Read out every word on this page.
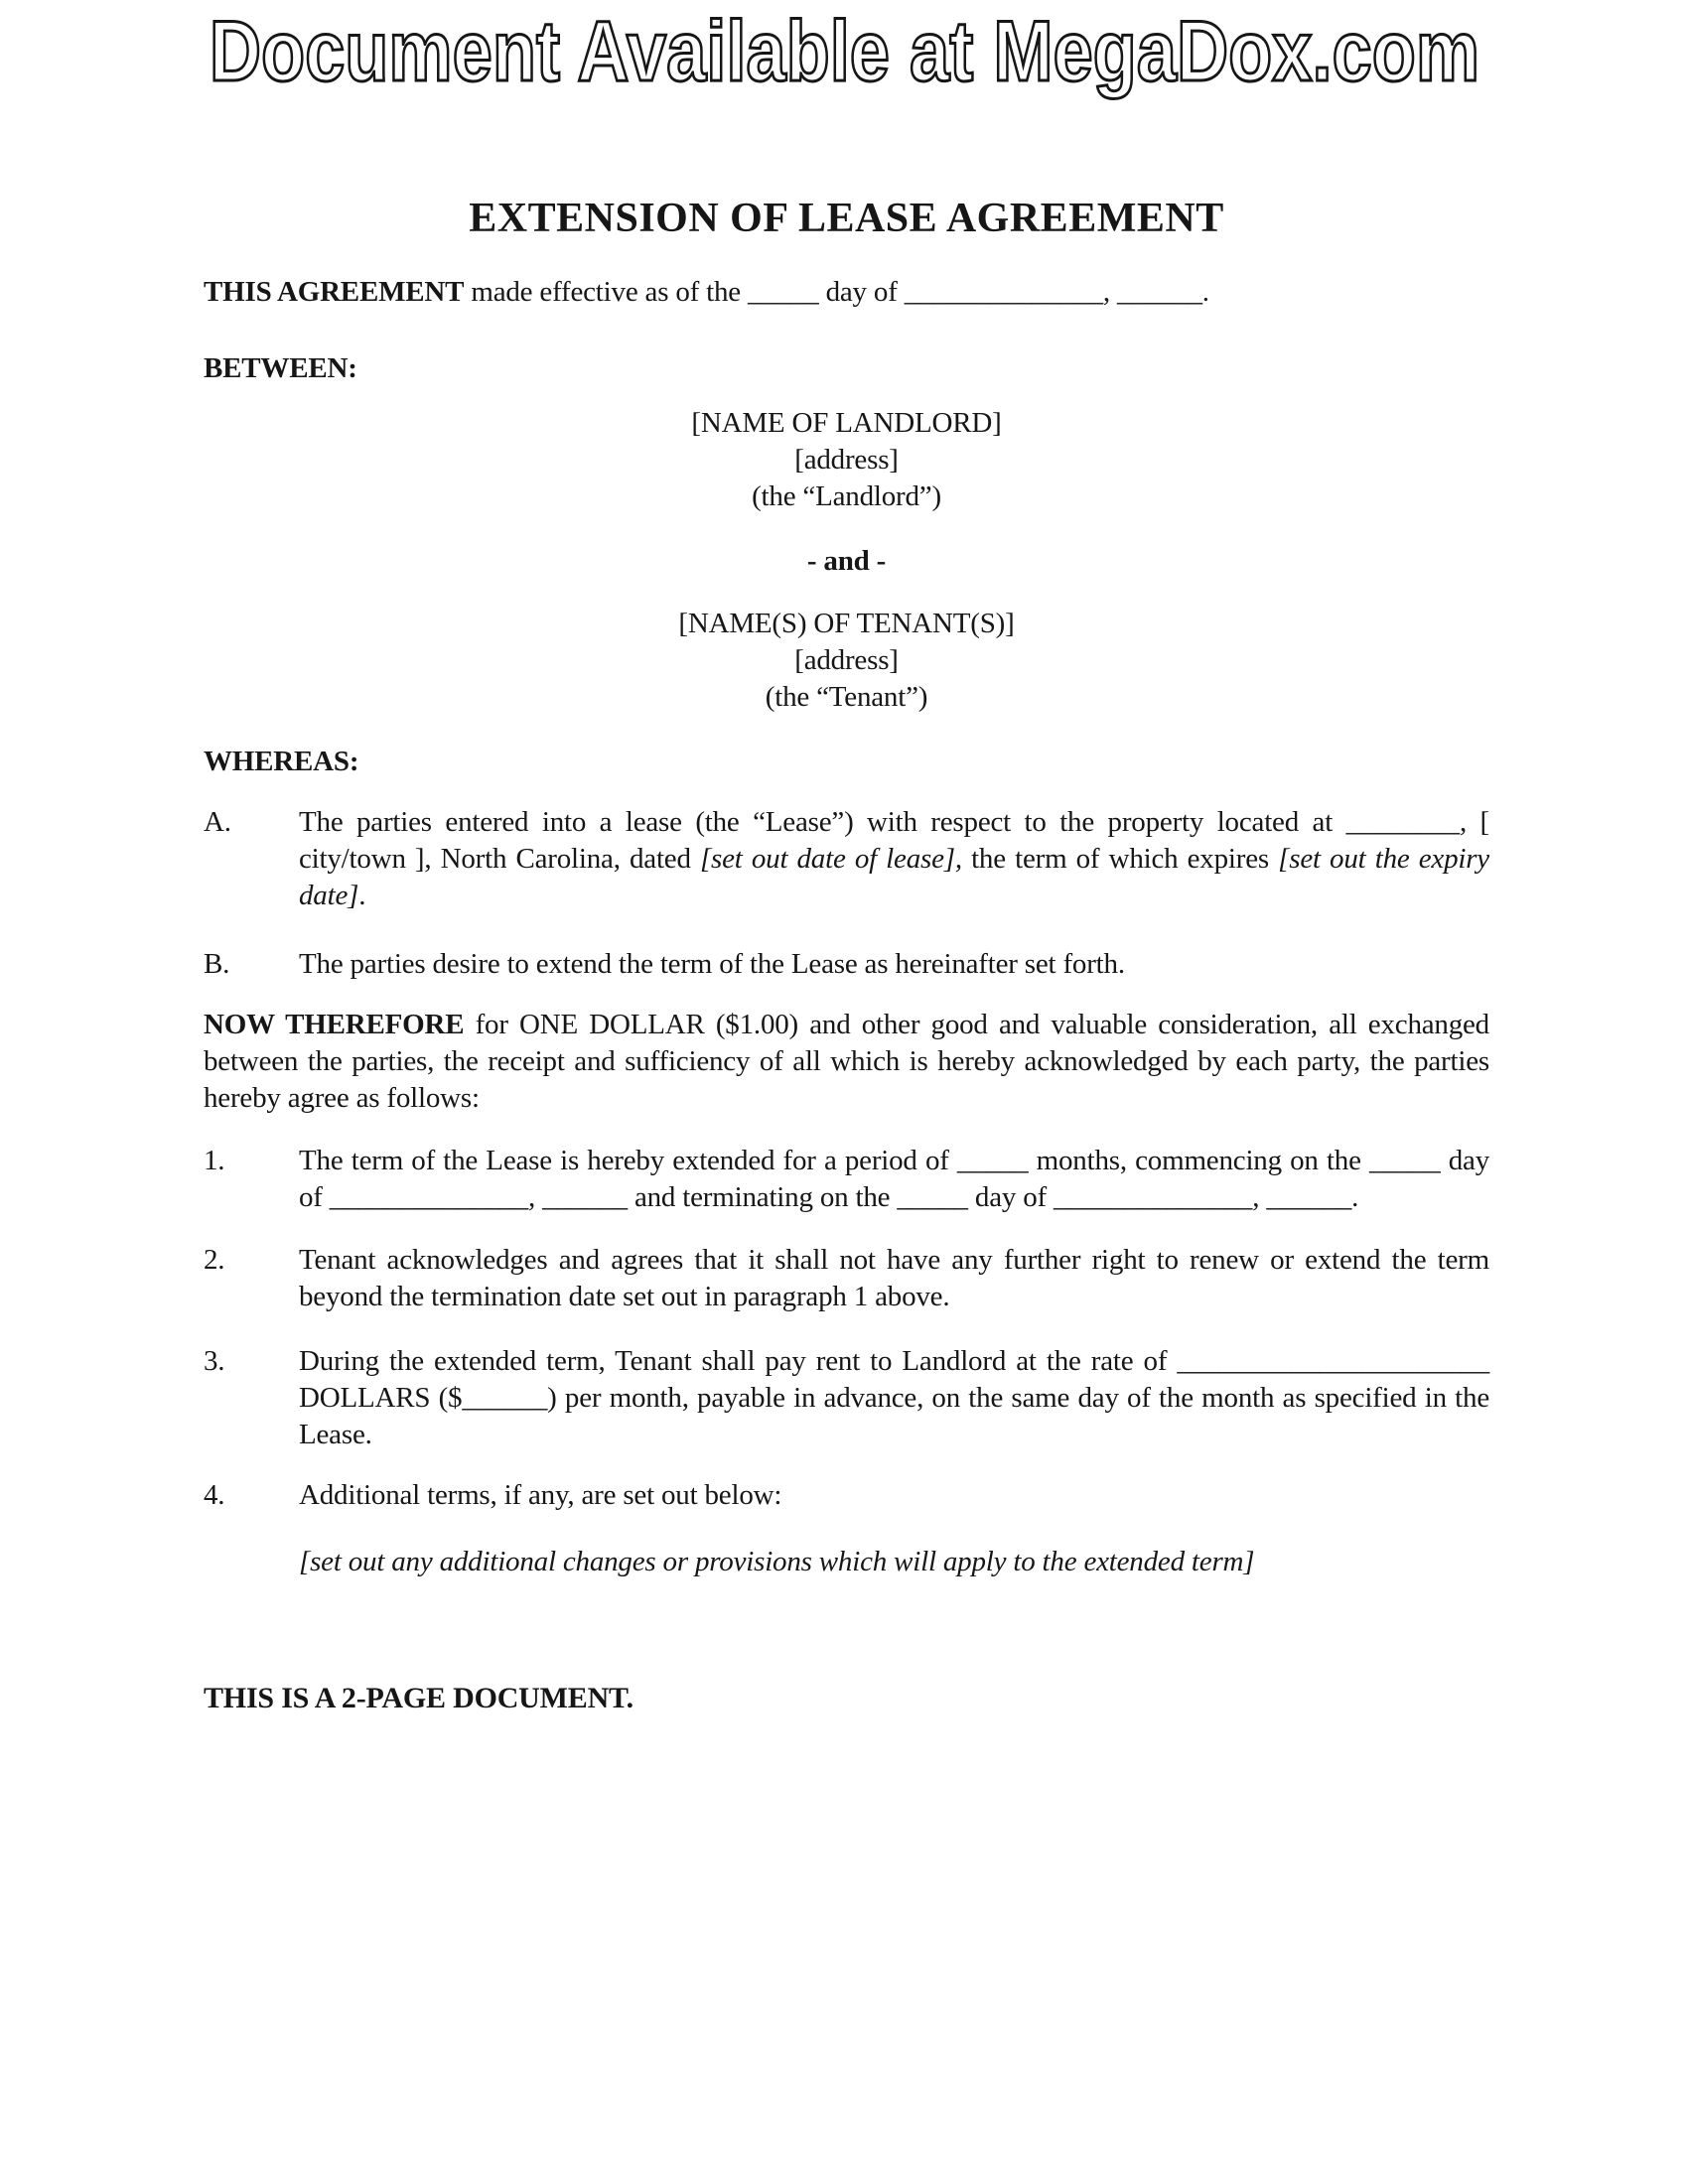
Document Available at MegaDox.com
EXTENSION OF LEASE AGREEMENT
THIS AGREEMENT made effective as of the _____ day of ______________, ______.
BETWEEN:
[NAME OF LANDLORD]
[address]
(the “Landlord”)
- and -
[NAME(S) OF TENANT(S)]
[address]
(the “Tenant”)
WHEREAS:
A.	The parties entered into a lease (the “Lease”) with respect to the property located at ________, [ city/town ], North Carolina, dated [set out date of lease], the term of which expires [set out the expiry date].
B.	The parties desire to extend the term of the Lease as hereinafter set forth.
NOW THEREFORE for ONE DOLLAR ($1.00) and other good and valuable consideration, all exchanged between the parties, the receipt and sufficiency of all which is hereby acknowledged by each party, the parties hereby agree as follows:
1.	The term of the Lease is hereby extended for a period of _____ months, commencing on the _____ day of ______________, ______ and terminating on the _____ day of ______________, ______.
2.	Tenant acknowledges and agrees that it shall not have any further right to renew or extend the term beyond the termination date set out in paragraph 1 above.
3.	During the extended term, Tenant shall pay rent to Landlord at the rate of ______________________ DOLLARS ($______) per month, payable in advance, on the same day of the month as specified in the Lease.
4.	Additional terms, if any, are set out below:
[set out any additional changes or provisions which will apply to the extended term]
THIS IS A 2-PAGE DOCUMENT.
